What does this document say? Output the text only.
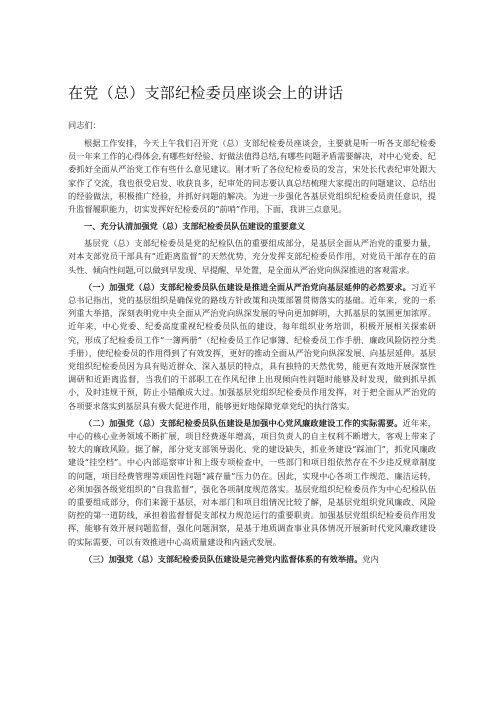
在党（总）支部纪检委员座谈会上的讲话

同志们：

根据工作安排，今天上午我们召开党（总）支部纪检委员座谈会，主要就是听一听各支部纪检委员一年来工作的心得体会,有哪些好经验、好做法值得总结,有哪些问题矛盾需要解决，对中心党委、纪委抓好全面从严治党工作有些什么意见建议。刚才听了各位纪检委员的发言，宋处长代表纪审处跟大家作了交流，我也很受启发、收获良多，纪审处的同志要认真总结梳理大家提出的问题建议、总结出的经验做法，积极推广经验，并抓好问题的解决。为进一步强化各基层党组织纪检委员责任意识，提升监督履职能力，切实发挥好纪检委员的“前哨”作用，下面，我讲三点意见。

一、充分认清加强党（总）支部纪检委员队伍建设的重要意义

基层党（总）支部纪检委员是党的纪检队伍的重要组成部分，是基层全面从严治党的重要力量，对本支部党员干部具有“近距离监督”的天然优势，充分发挥支部纪检委员作用，对党员干部存在的苗头性、倾向性问题,可以做到早发现、早提醒、早处置，是全面从严治党向纵深推进的客观需求。

（一）加强党（总）支部纪检委员队伍建设是推进全面从严治党向基层延伸的必然要求。习近平总书记指出，党的基层组织是确保党的路线方针政策和决策部署贯彻落实的基础。近年来，党的一系列重大举措，深刻表明党中央全面从严治党向纵深发展的导向更加鲜明，大抓基层的氛围更加浓厚。近年来，中心党委、纪委高度重视纪检委员队伍的建设，每年组织业务培训，积极开展相关探索研究，形成了纪检委员工作“一簿两册”（纪检委员工作记事簿、纪检委员工作手册、廉政风险防控分类手册），使纪检委员的作用得到了有效发挥，更好的推动全面从严治党向纵深发展、向基层延伸。基层党组织纪检委员因为具有贴近群众、深入基层的特点，具有独特的天然优势，能更有效地开展深察性调研和近距离监督，当我们的干部职工在作风纪律上出现倾向性问题时能够及时发现，做到抓早抓小，及时违规干预，防止小错酿成大过。加强基层党组织纪检委员作用发挥，对于把全面从严治党的各项要求落实到基层具有极大促进作用，能够更好地保障党章党纪的执行落实。

（二）加强党（总）支部纪检委员队伍建设是加强中心党风廉政建设工作的实际需要。近年来，中心的核心业务领域不断扩展，项目经费逐年增高，项目负责人的自主权利不断增大，客观上带来了较大的廉政风险。据了解，部分党支部领导弱化、党的建设缺失，抓业务建设“踩油门”，抓党风廉政建设“挂空档”。中心内部巡察审计和上级专项检查中，一些部门和项目组依然存在不少违反规章制度的问题，项目经费管理等顽固性问题“减存量”压力仍在。因此，实现中心各项工作规范、廉洁运转，必须加强各级党组织的“自我监督”，强化各项制度规范落实。基层党组织纪检委员作为中心纪检队伍的重要组成部分，你们来源于基层，对本部门和项目组情况比较了解，是基层党组织党风廉政、风险防控的第一道防线，承担着监督督促支部权力规范运行的重要职责。加强基层党组织纪检委员作用发挥，能够有效开展问题监督，强化问题洞察，是基于地质调查事业具体情况开展新时代党风廉政建设的实际需要，可以有效推进中心高质量建设和内涵式发展。

（三）加强党（总）支部纪检委员队伍建设是完善党内监督体系的有效举措。党内
